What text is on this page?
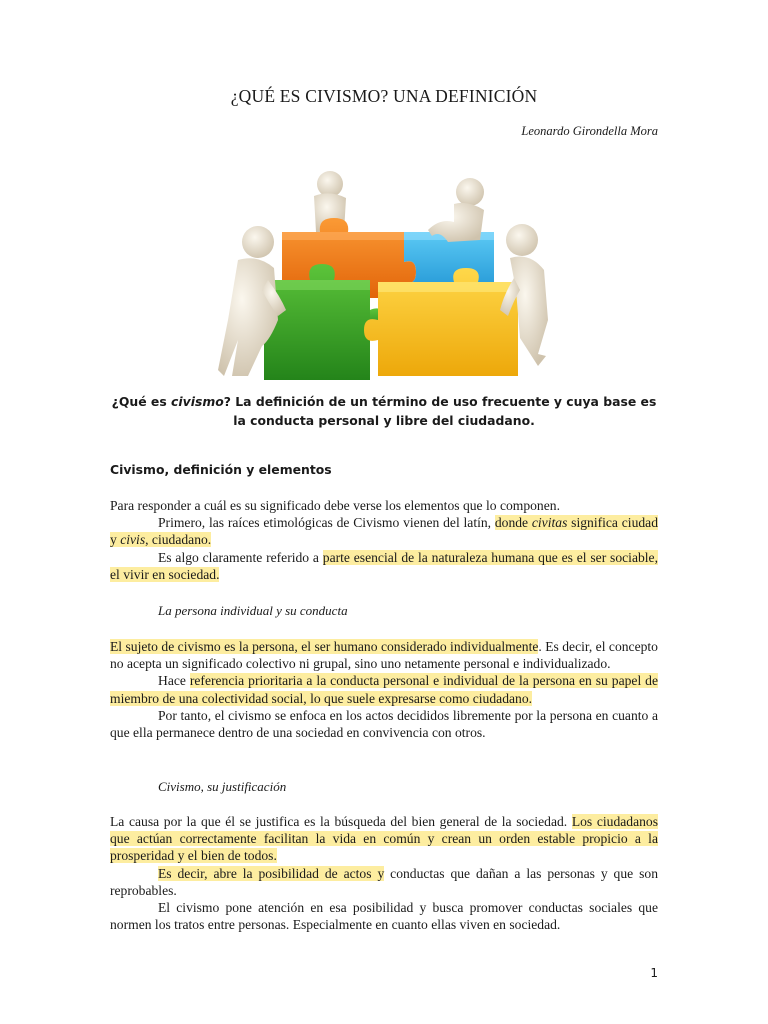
¿QUÉ ES CIVISMO? UNA DEFINICIÓN
Leonardo Girondella Mora
¿Qué es civismo? La definición de un término de uso frecuente y cuya base es la conducta personal y libre del ciudadano.
Civismo, definición y elementos

Para responder a cuál es su significado debe verse los elementos que lo componen.

Primero, las raíces etimológicas de Civismo vienen del latín, donde civitas significa ciudad y civis, ciudadano.

Es algo claramente referido a parte esencial de la naturaleza humana que es el ser sociable, el vivir en sociedad.

La persona individual y su conducta

El sujeto de civismo es la persona, el ser humano considerado individualmente. Es decir, el concepto no acepta un significado colectivo ni grupal, sino uno netamente personal e individualizado.

Hace referencia prioritaria a la conducta personal e individual de la persona en su papel de miembro de una colectividad social, lo que suele expresarse como ciudadano.

Por tanto, el civismo se enfoca en los actos decididos libremente por la persona en cuanto a que ella permanece dentro de una sociedad en convivencia con otros.

Civismo, su justificación

La causa por la que él se justifica es la búsqueda del bien general de la sociedad. Los ciudadanos que actúan correctamente facilitan la vida en común y crean un orden estable propicio a la prosperidad y el bien de todos.

Es decir, abre la posibilidad de actos y conductas que dañan a las personas y que son reprobables.

El civismo pone atención en esa posibilidad y busca promover conductas sociales que normen los tratos entre personas. Especialmente en cuanto ellas viven en sociedad.

1
